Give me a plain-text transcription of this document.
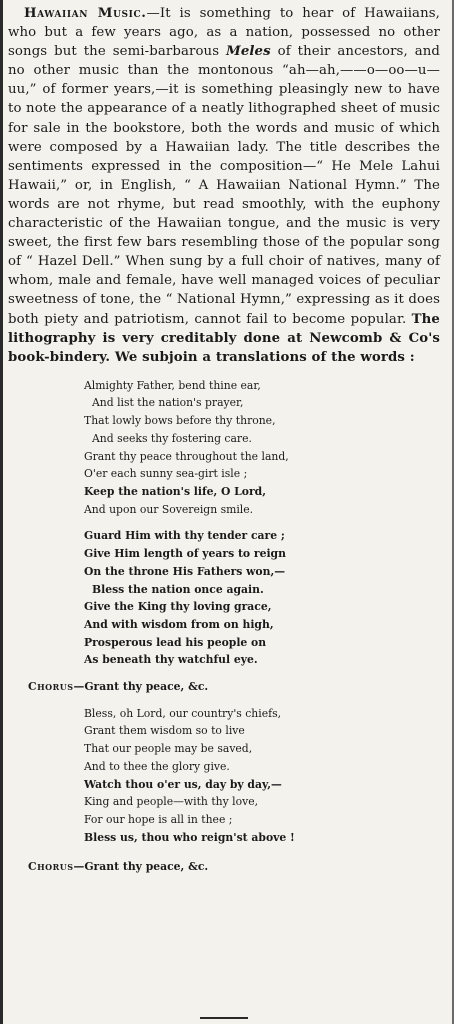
Hawaiian Music.—It is something to hear of Hawaiians, who but a few years ago, as a nation, possessed no other songs but the semi-barbarous Meles of their ancestors, and no other music than the montonous “ah—ah,——o—oo—u—uu,” of former years,—it is something pleasingly new to have to note the appearance of a neatly lithographed sheet of music for sale in the bookstore, both the words and music of which were composed by a Hawaiian lady. The title describes the sentiments expressed in the composition—“ He Mele Lahui Hawaii,” or, in English, “ A Hawaiian National Hymn.” The words are not rhyme, but read smoothly, with the euphony characteristic of the Hawaiian tongue, and the music is very sweet, the first few bars resembling those of the popular song of “ Hazel Dell.” When sung by a full choir of natives, many of whom, male and female, have well managed voices of peculiar sweetness of tone, the “ National Hymn,” expressing as it does both piety and patriotism, cannot fail to become popular. The lithography is very creditably done at Newcomb & Co's book-bindery. We subjoin a translations of the words :

Almighty Father, bend thine ear,
And list the nation's prayer,
That lowly bows before thy throne,
And seeks thy fostering care.
Grant thy peace throughout the land,
O'er each sunny sea-girt isle ;
Keep the nation's life, O Lord,
And upon our Sovereign smile.
Guard Him with thy tender care ;
Give Him length of years to reign
On the throne His Fathers won,—
Bless the nation once again.
Give the King thy loving grace,
And with wisdom from on high,
Prosperous lead his people on
As beneath thy watchful eye.
Chorus—Grant thy peace, &c.
Bless, oh Lord, our country's chiefs,
Grant them wisdom so to live
That our people may be saved,
And to thee the glory give.
Watch thou o'er us, day by day,—
King and people—with thy love,
For our hope is all in thee ;
Bless us, thou who reign'st above !
Chorus—Grant thy peace, &c.
